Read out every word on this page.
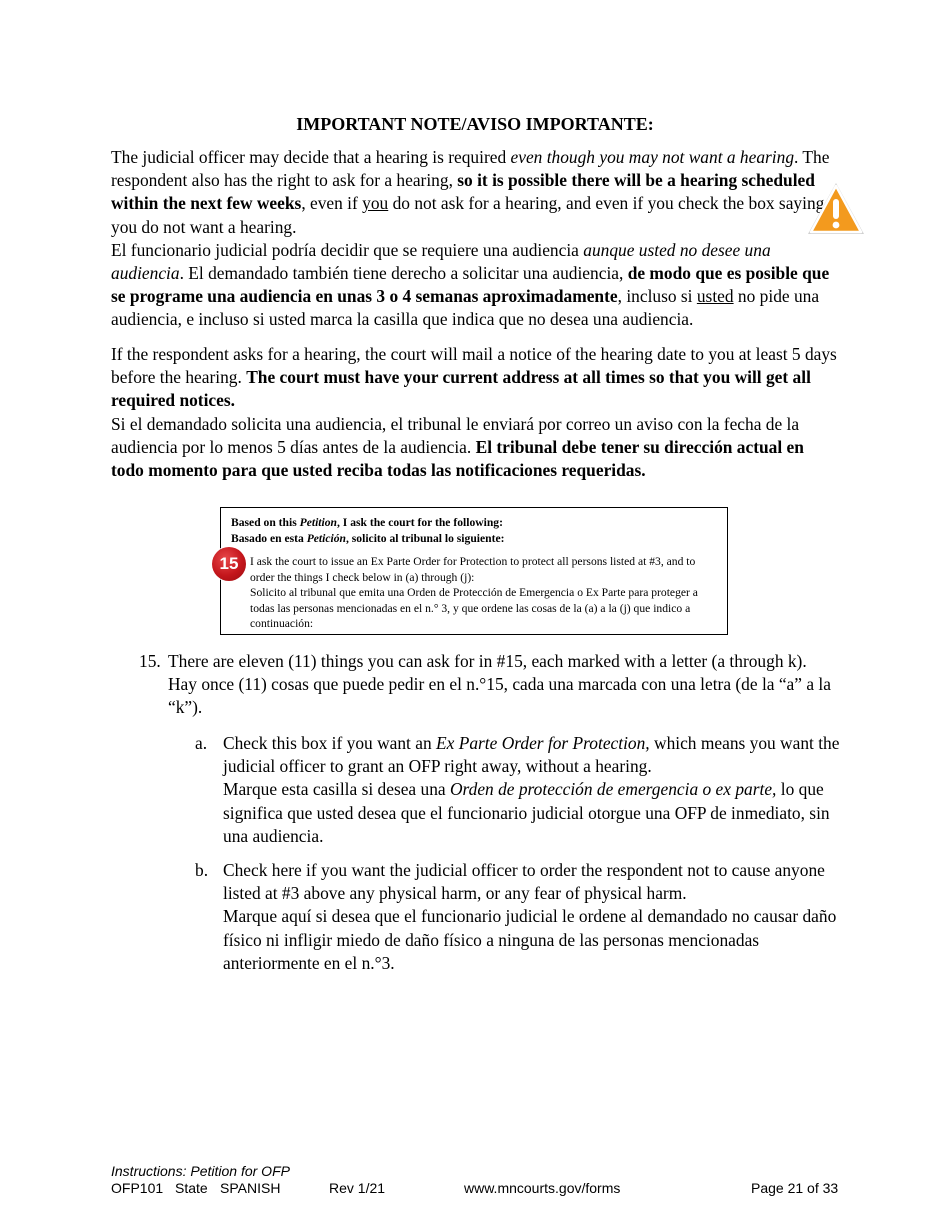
IMPORTANT NOTE/AVISO IMPORTANTE:
The judicial officer may decide that a hearing is required even though you may not want a hearing. The respondent also has the right to ask for a hearing, so it is possible there will be a hearing scheduled within the next few weeks, even if you do not ask for a hearing, and even if you check the box saying you do not want a hearing.
El funcionario judicial podría decidir que se requiere una audiencia aunque usted no desee una audiencia. El demandado también tiene derecho a solicitar una audiencia, de modo que es posible que se programe una audiencia en unas 3 o 4 semanas aproximadamente, incluso si usted no pide una audiencia, e incluso si usted marca la casilla que indica que no desea una audiencia.
If the respondent asks for a hearing, the court will mail a notice of the hearing date to you at least 5 days before the hearing. The court must have your current address at all times so that you will get all required notices.
Si el demandado solicita una audiencia, el tribunal le enviará por correo un aviso con la fecha de la audiencia por lo menos 5 días antes de la audiencia. El tribunal debe tener su dirección actual en todo momento para que usted reciba todas las notificaciones requeridas.
Based on this Petition, I ask the court for the following:
Basado en esta Petición, solicito al tribunal lo siguiente:
I ask the court to issue an Ex Parte Order for Protection to protect all persons listed at #3, and to order the things I check below in (a) through (j):
Solicito al tribunal que emita una Orden de Protección de Emergencia o Ex Parte para proteger a todas las personas mencionadas en el n.° 3, y que ordene las cosas de la (a) a la (j) que indico a continuación:
15
15. There are eleven (11) things you can ask for in #15, each marked with a letter (a through k).
Hay once (11) cosas que puede pedir en el n.°15, cada una marcada con una letra (de la “a” a la “k”).
a. Check this box if you want an Ex Parte Order for Protection, which means you want the judicial officer to grant an OFP right away, without a hearing.
Marque esta casilla si desea una Orden de protección de emergencia o ex parte, lo que significa que usted desea que el funcionario judicial otorgue una OFP de inmediato, sin una audiencia.
b. Check here if you want the judicial officer to order the respondent not to cause anyone listed at #3 above any physical harm, or any fear of physical harm.
Marque aquí si desea que el funcionario judicial le ordene al demandado no causar daño físico ni infligir miedo de daño físico a ninguna de las personas mencionadas anteriormente en el n.°3.
Instructions: Petition for OFP
OFP101 State SPANISH	Rev 1/21	www.mncourts.gov/forms	Page 21 of 33
